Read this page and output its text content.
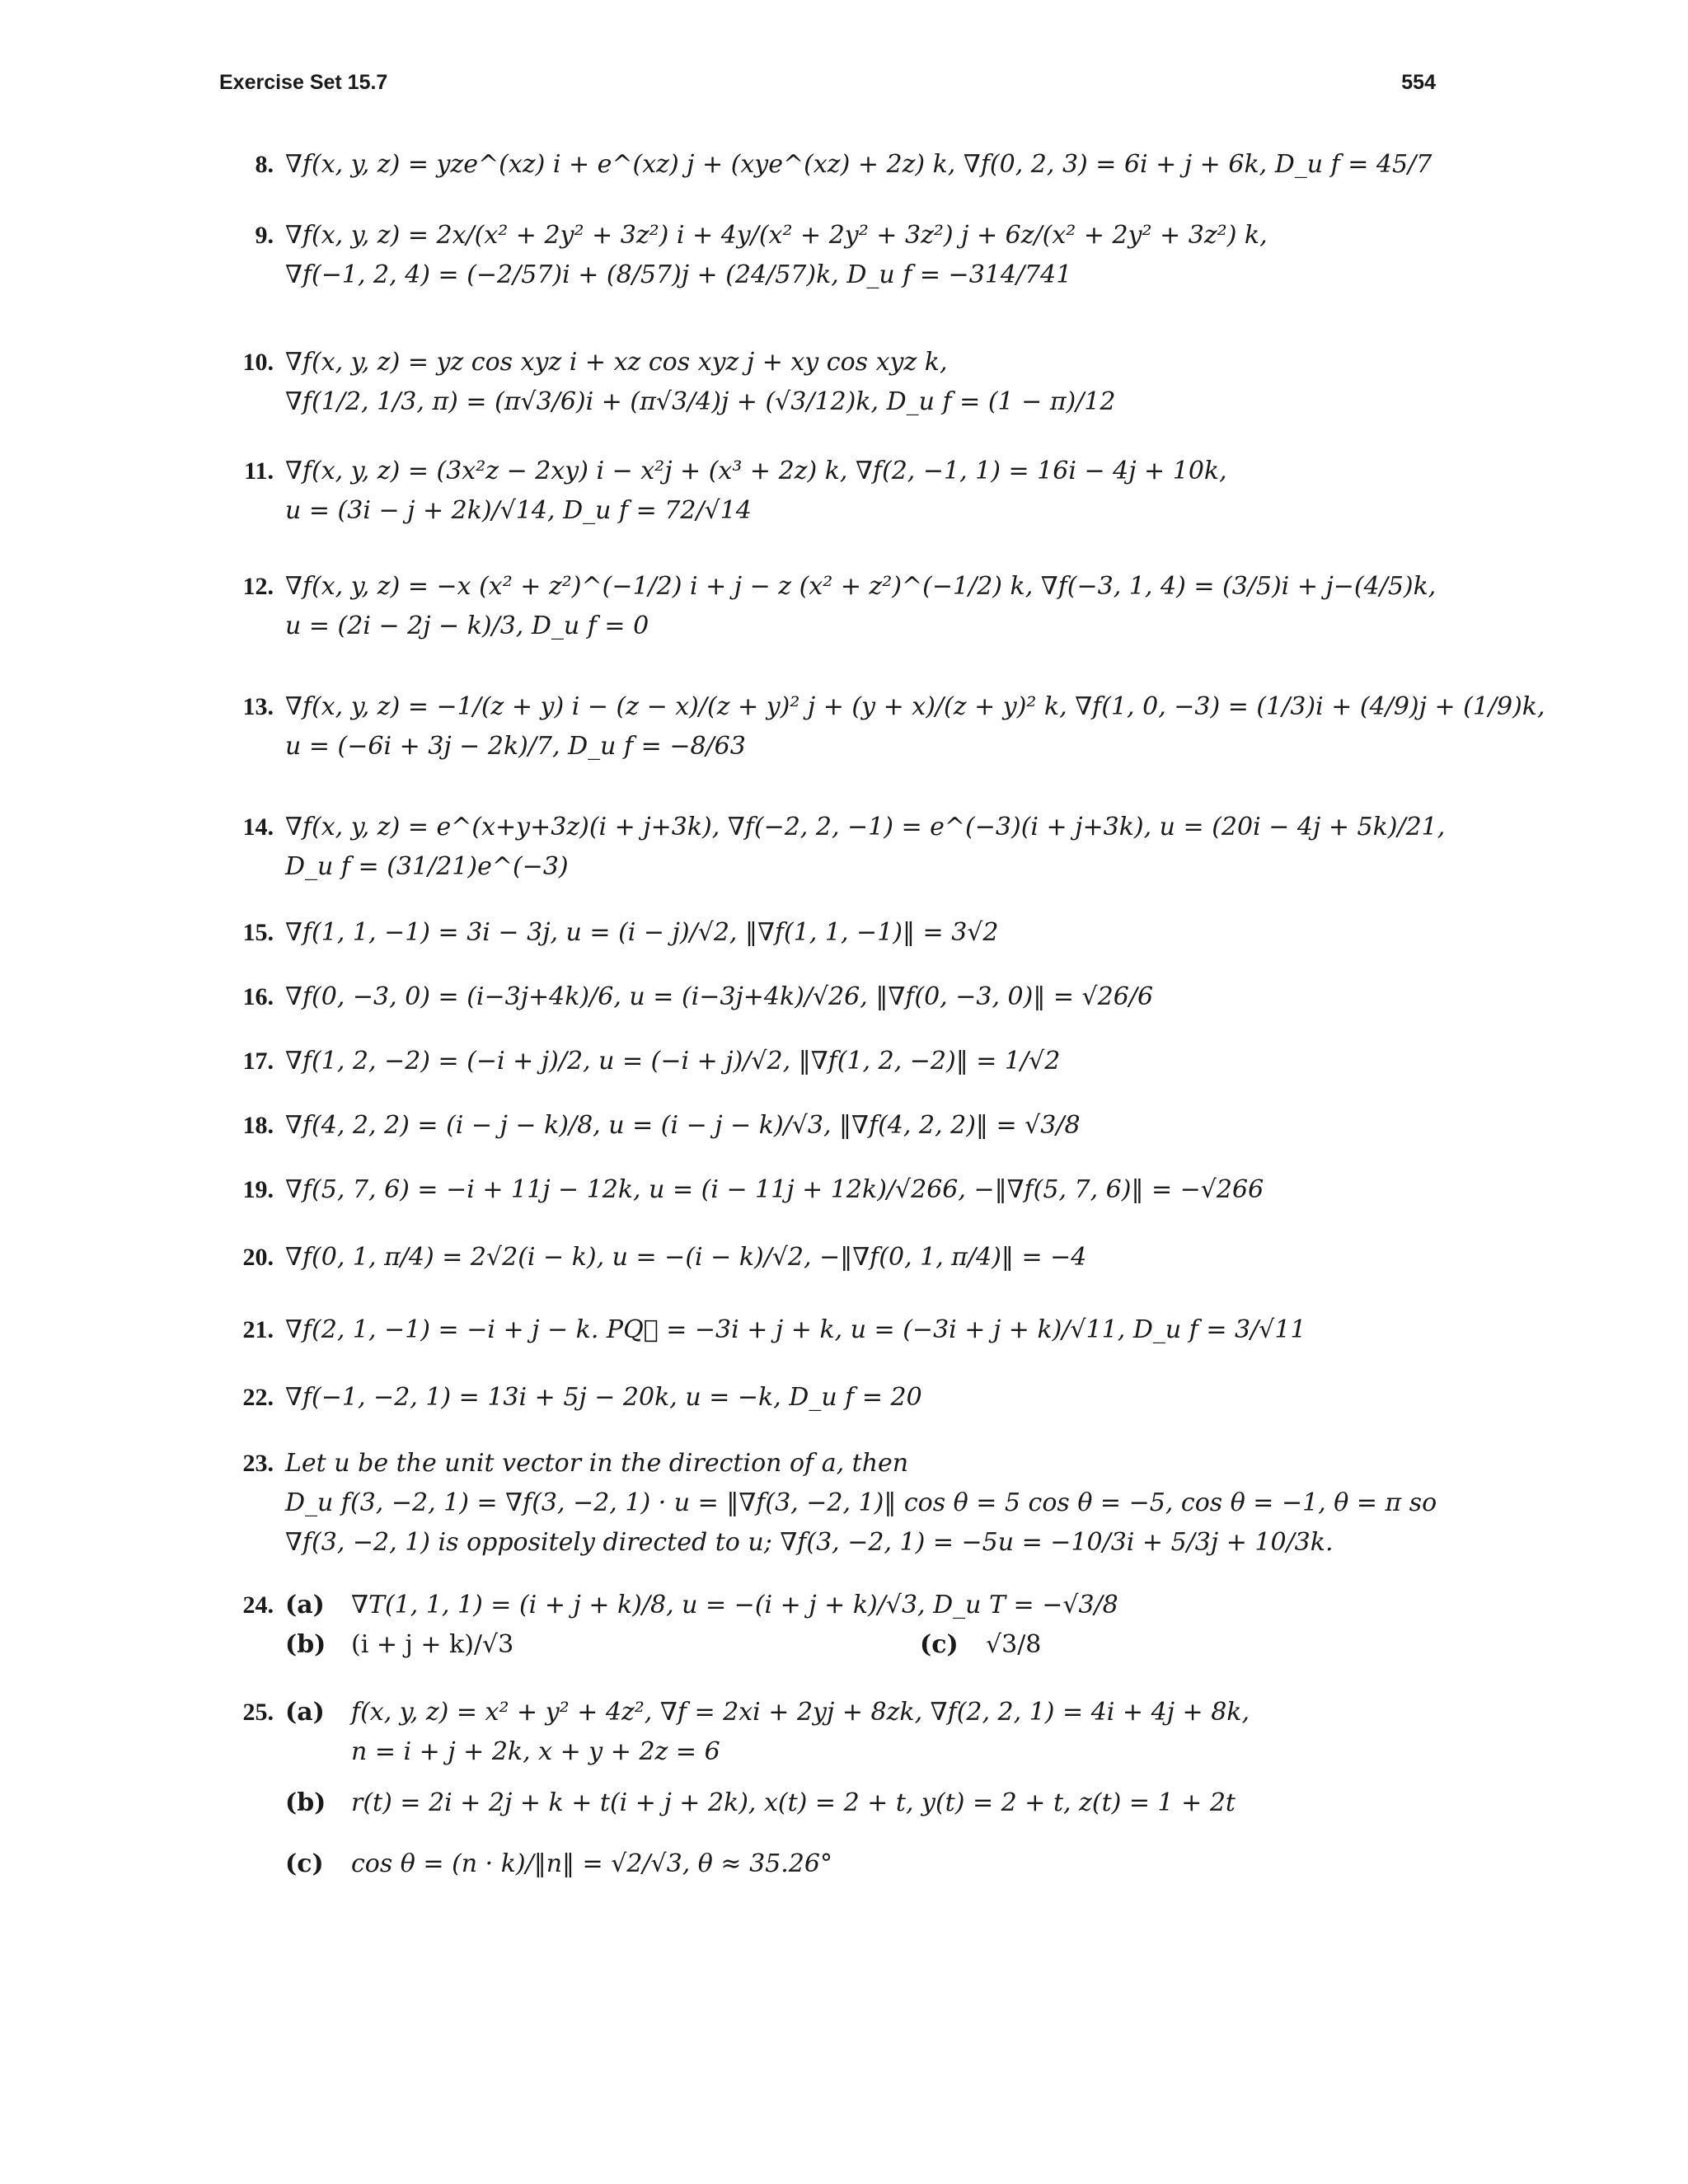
Exercise Set 15.7	554
8. ∇f(x, y, z) = yze^(xz) i + e^(xz) j + (xye^(xz) + 2z) k, ∇f(0, 2, 3) = 6i + j + 6k, D_u f = 45/7
9. ∇f(x, y, z) = 2x/(x² + 2y² + 3z²) i + 4y/(x² + 2y² + 3z²) j + 6z/(x² + 2y² + 3z²) k,
∇f(−1, 2, 4) = (−2/57)i + (8/57)j + (24/57)k, D_u f = −314/741
10. ∇f(x, y, z) = yz cos xyz i + xz cos xyz j + xy cos xyz k,
∇f(1/2, 1/3, π) = (π√3/6)i + (π√3/4)j + (√3/12)k, D_u f = (1 − π)/12
11. ∇f(x, y, z) = (3x²z − 2xy) i − x²j + (x³ + 2z) k, ∇f(2, −1, 1) = 16i − 4j + 10k,
u = (3i − j + 2k)/√14, D_u f = 72/√14
12. ∇f(x, y, z) = −x (x² + z²)^(−1/2) i + j − z (x² + z²)^(−1/2) k, ∇f(−3, 1, 4) = (3/5)i + j−(4/5)k,
u = (2i − 2j − k)/3, D_u f = 0
13. ∇f(x, y, z) = −1/(z + y) i − (z − x)/(z + y)² j + (y + x)/(z + y)² k, ∇f(1, 0, −3) = (1/3)i + (4/9)j + (1/9)k,
u = (−6i + 3j − 2k)/7, D_u f = −8/63
14. ∇f(x, y, z) = e^(x+y+3z)(i + j+3k), ∇f(−2, 2, −1) = e^(−3)(i + j+3k), u = (20i − 4j + 5k)/21,
D_u f = (31/21)e^(−3)
15. ∇f(1, 1, −1) = 3i − 3j, u = (i − j)/√2, ‖∇f(1, 1, −1)‖ = 3√2
16. ∇f(0, −3, 0) = (i−3j+4k)/6, u = (i−3j+4k)/√26, ‖∇f(0, −3, 0)‖ = √26/6
17. ∇f(1, 2, −2) = (−i + j)/2, u = (−i + j)/√2, ‖∇f(1, 2, −2)‖ = 1/√2
18. ∇f(4, 2, 2) = (i − j − k)/8, u = (i − j − k)/√3, ‖∇f(4, 2, 2)‖ = √3/8
19. ∇f(5, 7, 6) = −i + 11j − 12k, u = (i − 11j + 12k)/√266, −‖∇f(5, 7, 6)‖ = −√266
20. ∇f(0, 1, π/4) = 2√2(i − k), u = −(i − k)/√2, −‖∇f(0, 1, π/4)‖ = −4
21. ∇f(2, 1, −1) = −i + j − k. PQ⃗ = −3i + j + k, u = (−3i + j + k)/√11, D_u f = 3/√11
22. ∇f(−1, −2, 1) = 13i + 5j − 20k, u = −k, D_u f = 20
23. Let u be the unit vector in the direction of a, then
D_u f(3, −2, 1) = ∇f(3, −2, 1) · u = ‖∇f(3, −2, 1)‖ cos θ = 5 cos θ = −5, cos θ = −1, θ = π so
∇f(3, −2, 1) is oppositely directed to u; ∇f(3, −2, 1) = −5u = −10/3i + 5/3j + 10/3k.
24. (a) ∇T(1, 1, 1) = (i + j + k)/8, u = −(i + j + k)/√3, D_u T = −√3/8
(b) (i + j + k)/√3	(c) √3/8
25. (a) f(x, y, z) = x² + y² + 4z², ∇f = 2xi + 2yj + 8zk, ∇f(2, 2, 1) = 4i + 4j + 8k,
n = i + j + 2k, x + y + 2z = 6
(b) r(t) = 2i + 2j + k + t(i + j + 2k), x(t) = 2 + t, y(t) = 2 + t, z(t) = 1 + 2t
(c) cos θ = (n · k)/‖n‖ = √2/√3, θ ≈ 35.26°
